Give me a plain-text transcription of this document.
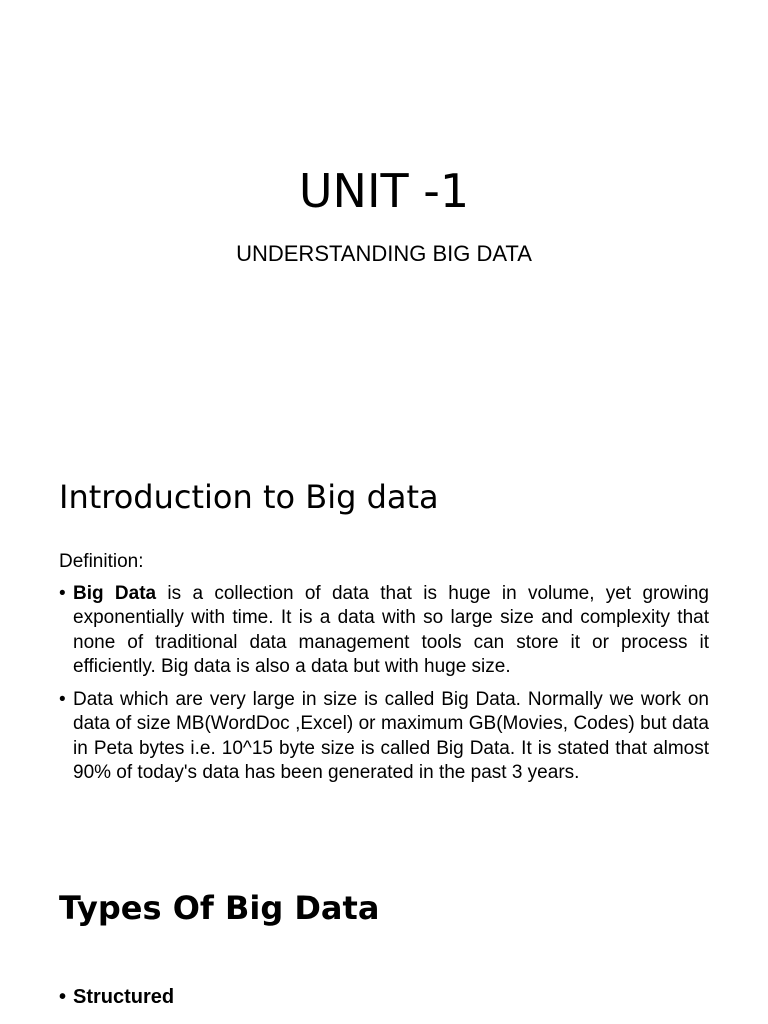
UNIT -1
UNDERSTANDING BIG DATA
Introduction to Big data

Definition:

• Big Data is a collection of data that is huge in volume, yet growing exponentially with time. It is a data with so large size and complexity that none of traditional data management tools can store it or process it efficiently. Big data is also a data but with huge size.
• Data which are very large in size is called Big Data. Normally we work on data of size MB(WordDoc ,Excel) or maximum GB(Movies, Codes) but data in Peta bytes i.e. 10^15 byte size is called Big Data. It is stated that almost 90% of today's data has been generated in the past 3 years.
Types Of Big Data
• Structured
